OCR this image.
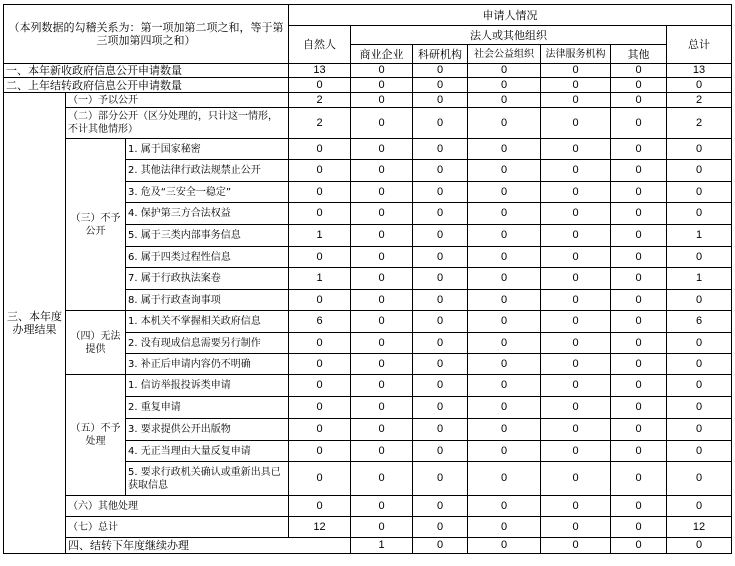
（本列数据的勾稽关系为：第一项加第二项之和，等于第三项加第四项之和）			申请人情况							
			自然人	法人或其他组织					总计	
				商业企业	科研机构	社会公益组织	法律服务机构	其他		
一、本年新收政府信息公开申请数量			13	0	0	0	0	0	13	
二、上年结转政府信息公开申请数量			0	0	0	0	0	0	0	
三、本年度办理结果	（一）予以公开		2	0	0	0	0	0	2	
	（二）部分公开（区分处理的，只计这一情形，不计其他情形）		2	0	0	0	0	0	2	
	（三）不予公开	1. 属于国家秘密	0	0	0	0	0	0	0	
		2. 其他法律行政法规禁止公开	0	0	0	0	0	0	0	
		3. 危及“三安全一稳定”	0	0	0	0	0	0	0	
		4. 保护第三方合法权益	0	0	0	0	0	0	0	
		5. 属于三类内部事务信息	1	0	0	0	0	0	1	
		6. 属于四类过程性信息	0	0	0	0	0	0	0	
		7. 属于行政执法案卷	1	0	0	0	0	0	1	
		8. 属于行政查询事项	0	0	0	0	0	0	0	
	（四）无法提供	1. 本机关不掌握相关政府信息	6	0	0	0	0	0	6	
		2. 没有现成信息需要另行制作	0	0	0	0	0	0	0	
		3. 补正后申请内容仍不明确	0	0	0	0	0	0	0	
	（五）不予处理	1. 信访举报投诉类申请	0	0	0	0	0	0	0	
		2. 重复申请	0	0	0	0	0	0	0	
		3. 要求提供公开出版物	0	0	0	0	0	0	0	
		4. 无正当理由大量反复申请	0	0	0	0	0	0	0	
		5. 要求行政机关确认或重新出具已获取信息	0	0	0	0	0	0	0	
	（六）其他处理		0	0	0	0	0	0	0	
	（七）总计		12	0	0	0	0	0	12	
	四、结转下年度继续办理			1	0	0	0	0	0	
